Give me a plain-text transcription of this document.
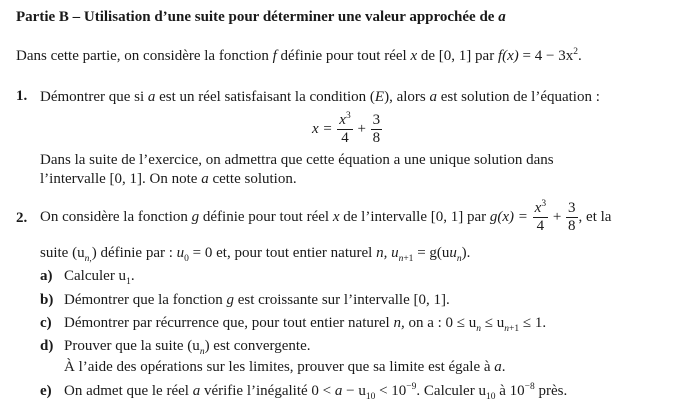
Partie B – Utilisation d’une suite pour déterminer une valeur approchée de a
Dans cette partie, on considère la fonction f définie pour tout réel x de [0, 1] par $f(x) = 4 - 3x^2$.
1. Démontrer que si a est un réel satisfaisant la condition (E), alors a est solution de l’équation :
$x = \frac{x^3}{4} + \frac{3}{8}$
Dans la suite de l’exercice, on admettra que cette équation a une unique solution dans
l’intervalle [0, 1]. On note a cette solution.
2. On considère la fonction g définie pour tout réel x de l’intervalle [0, 1] par $g(x) = \frac{x^3}{4} + \frac{3}{8}$ , et la
suite $(u_{n,})$ définie par : $u_0 = 0$ et, pour tout entier naturel n, $u_{n+1} = g(uu_n)$.
a) Calculer $u_1$.
b) Démontrer que la fonction g est croissante sur l’intervalle [0, 1].
c) Démontrer par récurrence que, pour tout entier naturel n, on a : $0 \le u_n \le u_{n+1} \le 1$.
d) Prouver que la suite $(u_n)$ est convergente.
À l’aide des opérations sur les limites, prouver que sa limite est égale à a.
e) On admet que le réel a vérifie l’inégalité $0 < a - u_{10} < 10^{-9}$. Calculer $u_{10}$ à $10^{-8}$ près.
